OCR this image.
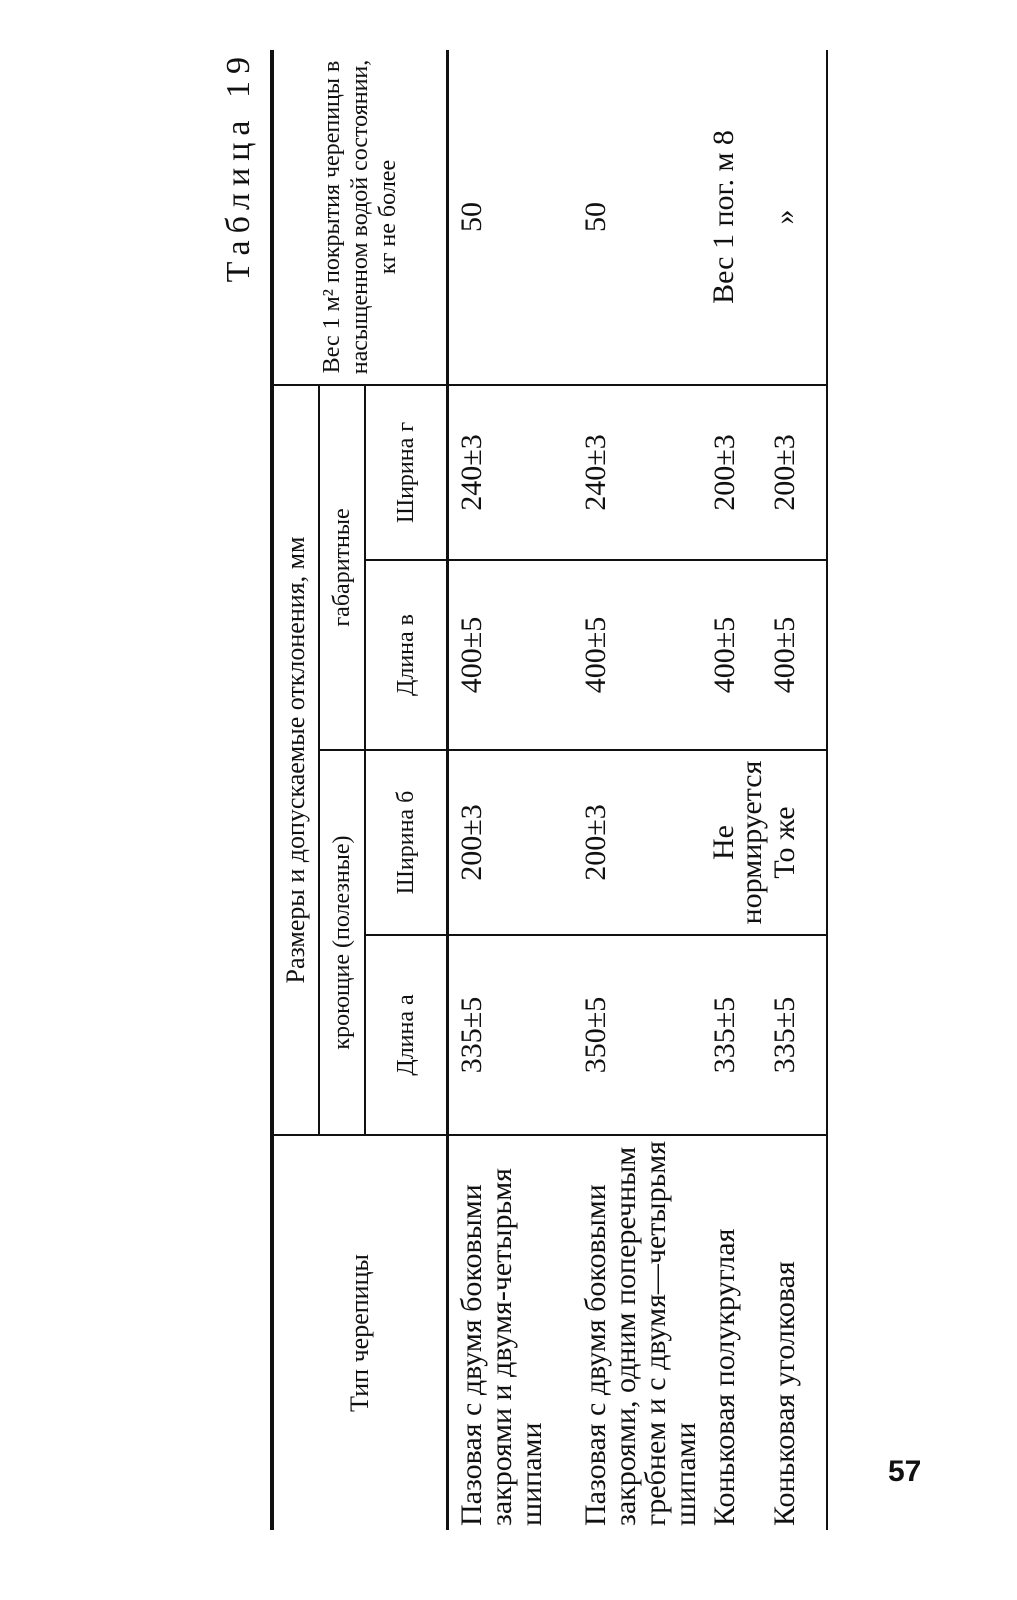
Таблица 19
Тип черепицы	Размеры и допускаемые отклонения, мм				Вес 1 м² покрытия черепицы в насыщенном водой состоянии, кг не более
	кроющие (полезные)		габаритные		
	Длина а	Ширина б	Длина в	Ширина г	
Пазовая с двумя боковыми закроями и двумя-четырьмя шипами	335±5	200±3	400±5	240±3	50
Пазовая с двумя боковыми закроями, одним поперечным гребнем и с двумя—четырьмя шипами	350±5	200±3	400±5	240±3	50
Коньковая полукруглая	335±5	Не нормируется	400±5	200±3	Вес 1 пог. м 8
Коньковая уголковая	335±5	То же	400±5	200±3	»
57
